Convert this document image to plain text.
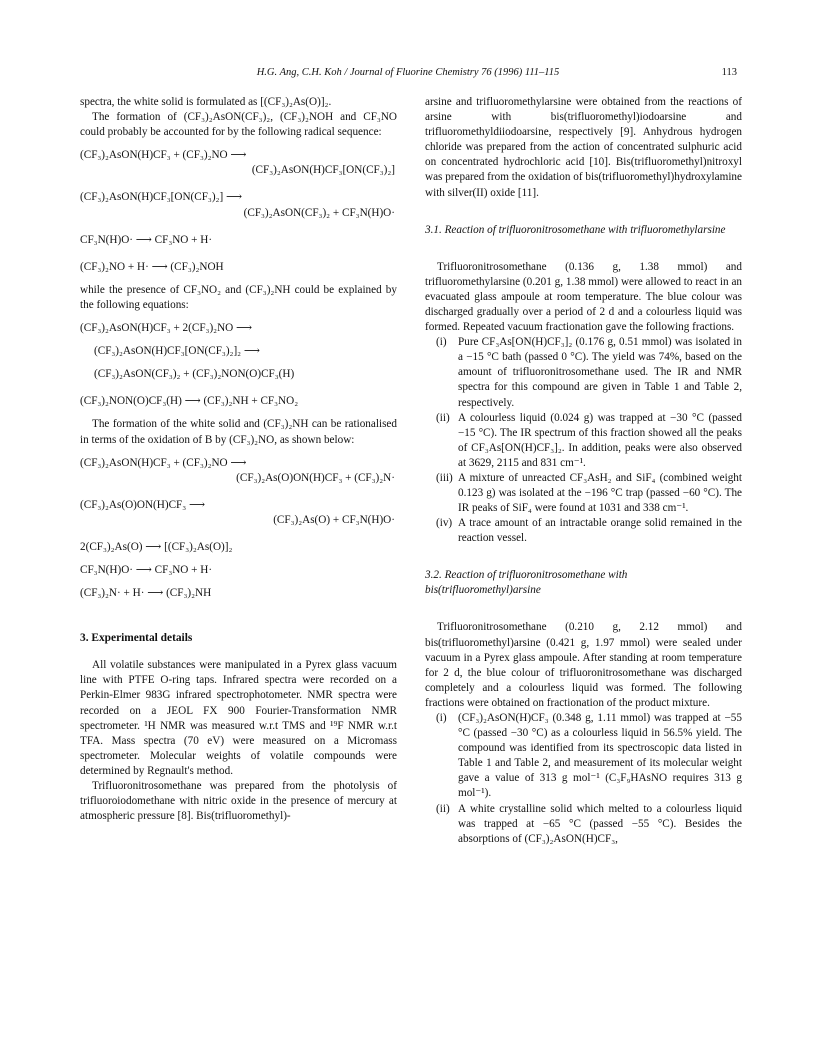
H.G. Ang, C.H. Koh / Journal of Fluorine Chemistry 76 (1996) 111–115	113

spectra, the white solid is formulated as [(CF₃)₂As(O)]₂.

The formation of (CF₃)₂AsON(CF₃)₂, (CF₃)₂NOH and CF₃NO could probably be accounted for by the following radical sequence:

(CF₃)₂AsON(H)CF₃ + (CF₃)₂NO ⟶
(CF₃)₂AsON(H)CF₃[ON(CF₃)₂]
(CF₃)₂AsON(H)CF₃[ON(CF₃)₂] ⟶
(CF₃)₂AsON(CF₃)₂ + CF₃N(H)O·
CF₃N(H)O· ⟶ CF₃NO + H·
(CF₃)₂NO + H· ⟶ (CF₃)₂NOH

while the presence of CF₃NO₂ and (CF₃)₂NH could be explained by the following equations:

(CF₃)₂AsON(H)CF₃ + 2(CF₃)₂NO ⟶
(CF₃)₂AsON(H)CF₃[ON(CF₃)₂]₂ ⟶
(CF₃)₂AsON(CF₃)₂ + (CF₃)₂NON(O)CF₃(H)
(CF₃)₂NON(O)CF₃(H) ⟶ (CF₃)₂NH + CF₃NO₂

The formation of the white solid and (CF₃)₂NH can be rationalised in terms of the oxidation of B by (CF₃)₂NO, as shown below:

(CF₃)₂AsON(H)CF₃ + (CF₃)₂NO ⟶
(CF₃)₂As(O)ON(H)CF₃ + (CF₃)₂N·
(CF₃)₂As(O)ON(H)CF₃ ⟶
(CF₃)₂As(O) + CF₃N(H)O·
2(CF₃)₂As(O) ⟶ [(CF₃)₂As(O)]₂
CF₃N(H)O· ⟶ CF₃NO + H·
(CF₃)₂N· + H· ⟶ (CF₃)₂NH
3. Experimental details

All volatile substances were manipulated in a Pyrex glass vacuum line with PTFE O-ring taps. Infrared spectra were recorded on a Perkin-Elmer 983G infrared spectrophotometer. NMR spectra were recorded on a JEOL FX 900 Fourier-Transformation NMR spectrometer. ¹H NMR was measured w.r.t TMS and ¹⁹F NMR w.r.t TFA. Mass spectra (70 eV) were measured on a Micromass spectrometer. Molecular weights of volatile compounds were determined by Regnault's method.

Trifluoronitrosomethane was prepared from the photolysis of trifluoroiodomethane with nitric oxide in the presence of mercury at atmospheric pressure [8]. Bis(trifluoromethyl)-

arsine and trifluoromethylarsine were obtained from the reactions of arsine with bis(trifluoromethyl)iodoarsine and trifluoromethyldiiodoarsine, respectively [9]. Anhydrous hydrogen chloride was prepared from the action of concentrated sulphuric acid on concentrated hydrochloric acid [10]. Bis(trifluoromethyl)nitroxyl was prepared from the oxidation of bis(trifluoromethyl)hydroxylamine with silver(II) oxide [11].

3.1. Reaction of trifluoronitrosomethane with trifluoromethylarsine

Trifluoronitrosomethane (0.136 g, 1.38 mmol) and trifluoromethylarsine (0.201 g, 1.38 mmol) were allowed to react in an evacuated glass ampoule at room temperature. The blue colour was discharged gradually over a period of 2 d and a colourless liquid was formed. Repeated vacuum fractionation gave the following fractions.

(i) Pure CF₃As[ON(H)CF₃]₂ (0.176 g, 0.51 mmol) was isolated in a −15 °C bath (passed 0 °C). The yield was 74%, based on the amount of trifluoronitrosomethane used. The IR and NMR spectra for this compound are given in Table 1 and Table 2, respectively.
(ii) A colourless liquid (0.024 g) was trapped at −30 °C (passed −15 °C). The IR spectrum of this fraction showed all the peaks of CF₃As[ON(H)CF₃]₂. In addition, peaks were also observed at 3629, 2115 and 831 cm⁻¹.
(iii) A mixture of unreacted CF₃AsH₂ and SiF₄ (combined weight 0.123 g) was isolated at the −196 °C trap (passed −60 °C). The IR peaks of SiF₄ were found at 1031 and 338 cm⁻¹.
(iv) A trace amount of an intractable orange solid remained in the reaction vessel.
3.2. Reaction of trifluoronitrosomethane with bis(trifluoromethyl)arsine

Trifluoronitrosomethane (0.210 g, 2.12 mmol) and bis(trifluoromethyl)arsine (0.421 g, 1.97 mmol) were sealed under vacuum in a Pyrex glass ampoule. After standing at room temperature for 2 d, the blue colour of trifluoronitrosomethane was discharged completely and a colourless liquid was formed. The following fractions were obtained on fractionation of the product mixture.

(i) (CF₃)₂AsON(H)CF₃ (0.348 g, 1.11 mmol) was trapped at −55 °C (passed −30 °C) as a colourless liquid in 56.5% yield. The compound was identified from its spectroscopic data listed in Table 1 and Table 2, and measurement of its molecular weight gave a value of 313 g mol⁻¹ (C₃F₉HAsNO requires 313 g mol⁻¹).
(ii) A white crystalline solid which melted to a colourless liquid was trapped at −65 °C (passed −55 °C). Besides the absorptions of (CF₃)₂AsON(H)CF₃,
